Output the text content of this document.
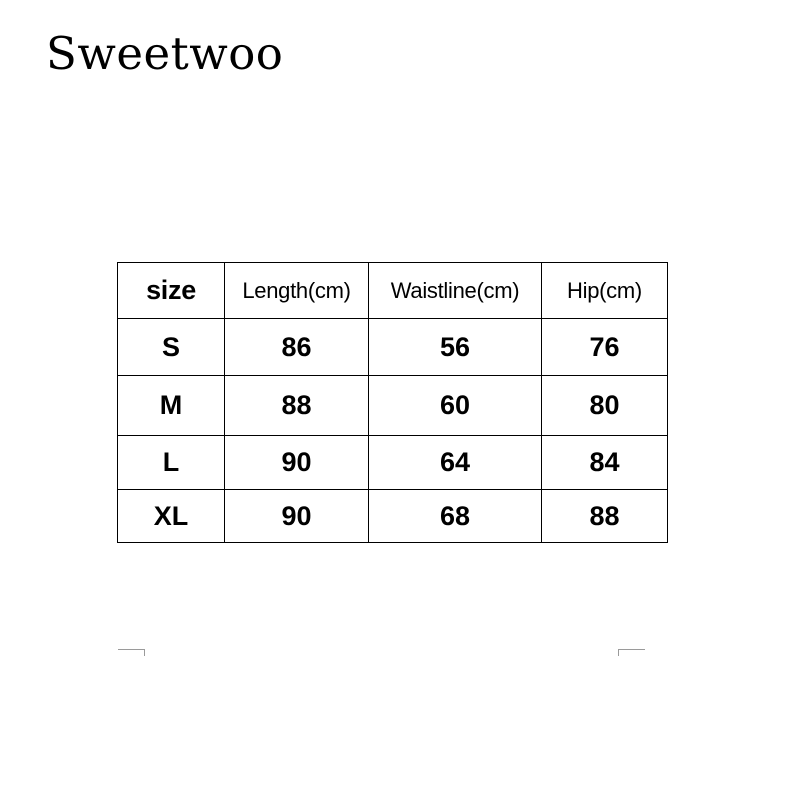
Sweetwoo
size	Length(cm)	Waistline(cm)	Hip(cm)
S	86	56	76
M	88	60	80
L	90	64	84
XL	90	68	88
